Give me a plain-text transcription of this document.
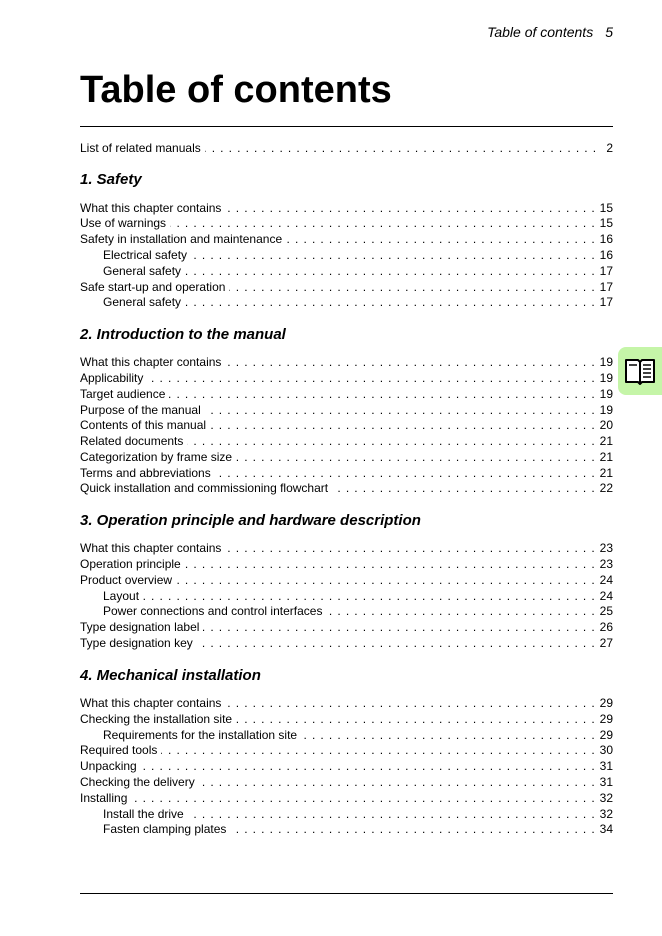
Table of contents 5
Table of contents
List of related manuals . . .	2
1. Safety
What this chapter contains . . .	15
Use of warnings . . .	15
Safety in installation and maintenance . . .	16
Electrical safety . . .	16
General safety . . .	17
Safe start-up and operation . . .	17
General safety . . .	17
2. Introduction to the manual
What this chapter contains . . .	19
Applicability . . .	19
Target audience . . .	19
Purpose of the manual . . .	19
Contents of this manual . . .	20
Related documents . . .	21
Categorization by frame size . . .	21
Terms and abbreviations . . .	21
Quick installation and commissioning flowchart . . .	22
3. Operation principle and hardware description
What this chapter contains . . .	23
Operation principle . . .	23
Product overview . . .	24
Layout . . .	24
Power connections and control interfaces . . .	25
Type designation label . . .	26
Type designation key . . .	27
4. Mechanical installation
What this chapter contains . . .	29
Checking the installation site . . .	29
Requirements for the installation site . . .	29
Required tools . . .	30
Unpacking . . .	31
Checking the delivery . . .	31
Installing . . .	32
Install the drive . . .	32
Fasten clamping plates . . .	34
